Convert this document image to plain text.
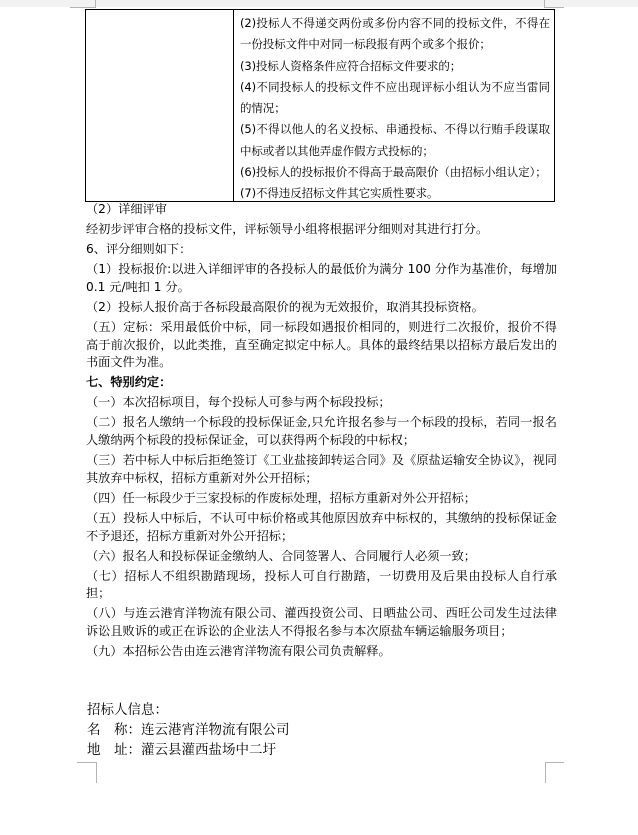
(2)投标人不得递交两份或多份内容不同的投标文件，不得在一份投标文件中对同一标段报有两个或多个报价；

(3)投标人资格条件应符合招标文件要求的；

(4)不同投标人的投标文件不应出现评标小组认为不应当雷同的情况；

(5)不得以他人的名义投标、串通投标、不得以行贿手段谋取中标或者以其他弄虚作假方式投标的；

(6)投标人的投标报价不得高于最高限价（由招标小组认定）；

(7)不得违反招标文件其它实质性要求。

（2）详细评审

经初步评审合格的投标文件，评标领导小组将根据评分细则对其进行打分。

6、评分细则如下：

（1）投标报价:以进入详细评审的各投标人的最低价为满分 100 分作为基准价，每增加 0.1 元/吨扣 1 分。

（2）投标人报价高于各标段最高限价的视为无效报价，取消其投标资格。

（五）定标：采用最低价中标，同一标段如遇报价相同的，则进行二次报价，报价不得高于前次报价，以此类推，直至确定拟定中标人。具体的最终结果以招标方最后发出的书面文件为准。

七、特别约定：

（一）本次招标项目，每个投标人可参与两个标段投标；

（二）报名人缴纳一个标段的投标保证金,只允许报名参与一个标段的投标，若同一报名人缴纳两个标段的投标保证金，可以获得两个标段的中标权；

（三）若中标人中标后拒绝签订《工业盐接卸转运合同》及《原盐运输安全协议》，视同其放弃中标权，招标方重新对外公开招标；

（四）任一标段少于三家投标的作废标处理，招标方重新对外公开招标；

（五）投标人中标后，不认可中标价格或其他原因放弃中标权的，其缴纳的投标保证金不予退还，招标方重新对外公开招标；

（六）报名人和投标保证金缴纳人、合同签署人、合同履行人必须一致；

（七）招标人不组织勘踏现场，投标人可自行勘踏，一切费用及后果由投标人自行承担；

（八）与连云港宵洋物流有限公司、灌西投资公司、日晒盐公司、西旺公司发生过法律诉讼且败诉的或正在诉讼的企业法人不得报名参与本次原盐车辆运输服务项目；

（九）本招标公告由连云港宵洋物流有限公司负责解释。

招标人信息：

名　称：连云港宵洋物流有限公司

地　址：灌云县灌西盐场中二圩
